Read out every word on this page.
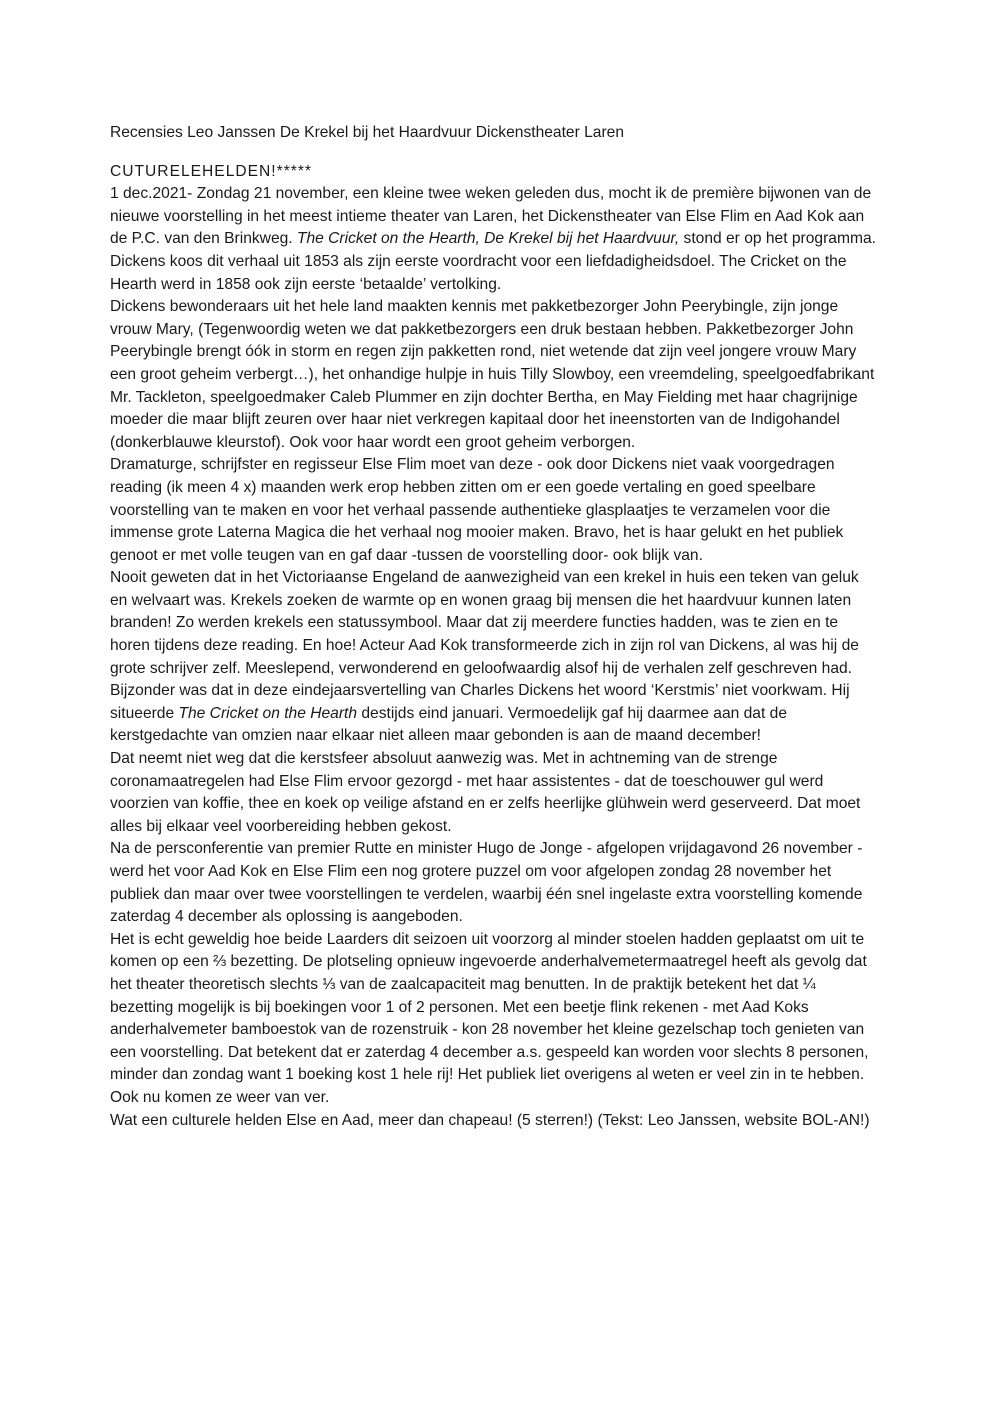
Recensies Leo Janssen De Krekel bij het Haardvuur Dickenstheater Laren

CUTURELEHELDEN!*****

1 dec.2021- Zondag 21 november, een kleine twee weken geleden dus, mocht ik de première bijwonen van de nieuwe voorstelling in het meest intieme theater van Laren, het Dickenstheater van Else Flim en Aad Kok aan de P.C. van den Brinkweg. The Cricket on the Hearth, De Krekel bij het Haardvuur, stond er op het programma.

Dickens koos dit verhaal uit 1853 als zijn eerste voordracht voor een liefdadigheidsdoel. The Cricket on the Hearth werd in 1858 ook zijn eerste ‘betaalde’ vertolking.

Dickens bewonderaars uit het hele land maakten kennis met pakketbezorger John Peerybingle, zijn jonge vrouw Mary, (Tegenwoordig weten we dat pakketbezorgers een druk bestaan hebben. Pakketbezorger John Peerybingle brengt óók in storm en regen zijn pakketten rond, niet wetende dat zijn veel jongere vrouw Mary een groot geheim verbergt…), het onhandige hulpje in huis Tilly Slowboy, een vreemdeling, speelgoedfabrikant Mr. Tackleton, speelgoedmaker Caleb Plummer en zijn dochter Bertha, en May Fielding met haar chagrijnige moeder die maar blijft zeuren over haar niet verkregen kapitaal door het ineenstorten van de Indigohandel (donkerblauwe kleurstof). Ook voor haar wordt een groot geheim verborgen.

Dramaturge, schrijfster en regisseur Else Flim moet van deze - ook door Dickens niet vaak voorgedragen reading (ik meen 4 x) maanden werk erop hebben zitten om er een goede vertaling en goed speelbare voorstelling van te maken en voor het verhaal passende authentieke glasplaatjes te verzamelen voor die immense grote Laterna Magica die het verhaal nog mooier maken. Bravo, het is haar gelukt en het publiek genoot er met volle teugen van en gaf daar -tussen de voorstelling door- ook blijk van.

Nooit geweten dat in het Victoriaanse Engeland de aanwezigheid van een krekel in huis een teken van geluk en welvaart was. Krekels zoeken de warmte op en wonen graag bij mensen die het haardvuur kunnen laten branden! Zo werden krekels een statussymbool. Maar dat zij meerdere functies hadden, was te zien en te horen tijdens deze reading. En hoe! Acteur Aad Kok transformeerde zich in zijn rol van Dickens, al was hij de grote schrijver zelf. Meeslepend, verwonderend en geloofwaardig alsof hij de verhalen zelf geschreven had.

Bijzonder was dat in deze eindejaarsvertelling van Charles Dickens het woord ‘Kerstmis’ niet voorkwam. Hij situeerde The Cricket on the Hearth destijds eind januari. Vermoedelijk gaf hij daarmee aan dat de kerstgedachte van omzien naar elkaar niet alleen maar gebonden is aan de maand december!

Dat neemt niet weg dat die kerstsfeer absoluut aanwezig was. Met in achtneming van de strenge coronamaatregelen had Else Flim ervoor gezorgd - met haar assistentes - dat de toeschouwer gul werd voorzien van koffie, thee en koek op veilige afstand en er zelfs heerlijke glühwein werd geserveerd. Dat moet alles bij elkaar veel voorbereiding hebben gekost.

Na de persconferentie van premier Rutte en minister Hugo de Jonge - afgelopen vrijdagavond 26 november - werd het voor Aad Kok en Else Flim een nog grotere puzzel om voor afgelopen zondag 28 november het publiek dan maar over twee voorstellingen te verdelen, waarbij één snel ingelaste extra voorstelling komende zaterdag 4 december als oplossing is aangeboden.

Het is echt geweldig hoe beide Laarders dit seizoen uit voorzorg al minder stoelen hadden geplaatst om uit te komen op een ⅔ bezetting. De plotseling opnieuw ingevoerde anderhalvemetermaatregel heeft als gevolg dat het theater theoretisch slechts ⅓ van de zaalcapaciteit mag benutten. In de praktijk betekent het dat ¼ bezetting mogelijk is bij boekingen voor 1 of 2 personen. Met een beetje flink rekenen - met Aad Koks anderhalvemeter bamboestok van de rozenstruik - kon 28 november het kleine gezelschap toch genieten van een voorstelling. Dat betekent dat er zaterdag 4 december a.s. gespeeld kan worden voor slechts 8 personen, minder dan zondag want 1 boeking kost 1 hele rij! Het publiek liet overigens al weten er veel zin in te hebben. Ook nu komen ze weer van ver.

Wat een culturele helden Else en Aad, meer dan chapeau! (5 sterren!) (Tekst: Leo Janssen, website BOL-AN!)
